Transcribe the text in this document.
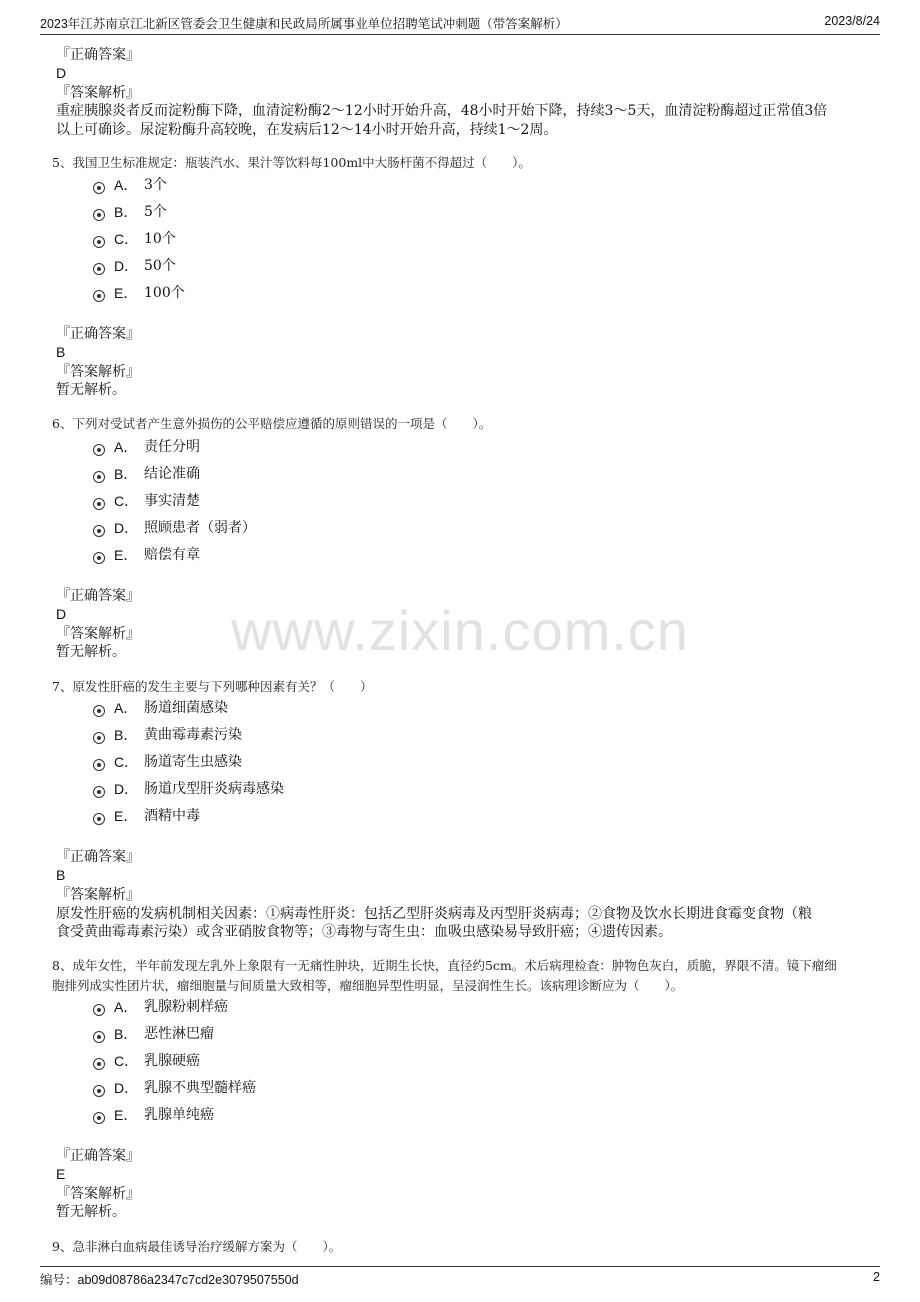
2023年江苏南京江北新区管委会卫生健康和民政局所属事业单位招聘笔试冲刺题（带答案解析）	2023/8/24
www.zixin.com.cn
『正确答案』
D
『答案解析』
重症胰腺炎者反而淀粉酶下降，血清淀粉酶2～12小时开始升高，48小时开始下降，持续3～5天，血清淀粉酶超过正常值3倍
以上可确诊。尿淀粉酶升高较晚，在发病后12～14小时开始升高，持续1～2周。
5、我国卫生标准规定：瓶装汽水、果汁等饮料每100ml中大肠杆菌不得超过（　　）。
A． 3个
B． 5个
C． 10个
D． 50个
E． 100个
『正确答案』
B
『答案解析』
暂无解析。
6、下列对受试者产生意外损伤的公平赔偿应遵循的原则错误的一项是（　　）。
A． 责任分明
B． 结论准确
C． 事实清楚
D． 照顾患者（弱者）
E． 赔偿有章
『正确答案』
D
『答案解析』
暂无解析。
7、原发性肝癌的发生主要与下列哪种因素有关？（　　）
A． 肠道细菌感染
B． 黄曲霉毒素污染
C． 肠道寄生虫感染
D． 肠道戊型肝炎病毒感染
E． 酒精中毒
『正确答案』
B
『答案解析』
原发性肝癌的发病机制相关因素：①病毒性肝炎：包括乙型肝炎病毒及丙型肝炎病毒；②食物及饮水长期进食霉变食物（粮
食受黄曲霉毒素污染）或含亚硝胺食物等；③毒物与寄生虫：血吸虫感染易导致肝癌；④遗传因素。
8、成年女性，半年前发现左乳外上象限有一无痛性肿块，近期生长快，直径约5cm。术后病理检查：肿物色灰白，质脆，界限不清。镜下瘤细
胞排列成实性团片状，瘤细胞量与间质量大致相等，瘤细胞异型性明显，呈浸润性生长。该病理诊断应为（　　）。
A． 乳腺粉刺样癌
B． 恶性淋巴瘤
C． 乳腺硬癌
D． 乳腺不典型髓样癌
E． 乳腺单纯癌
『正确答案』
E
『答案解析』
暂无解析。
9、急非淋白血病最佳诱导治疗缓解方案为（　　）。
编号：ab09d08786a2347c7cd2e3079507550d	2
